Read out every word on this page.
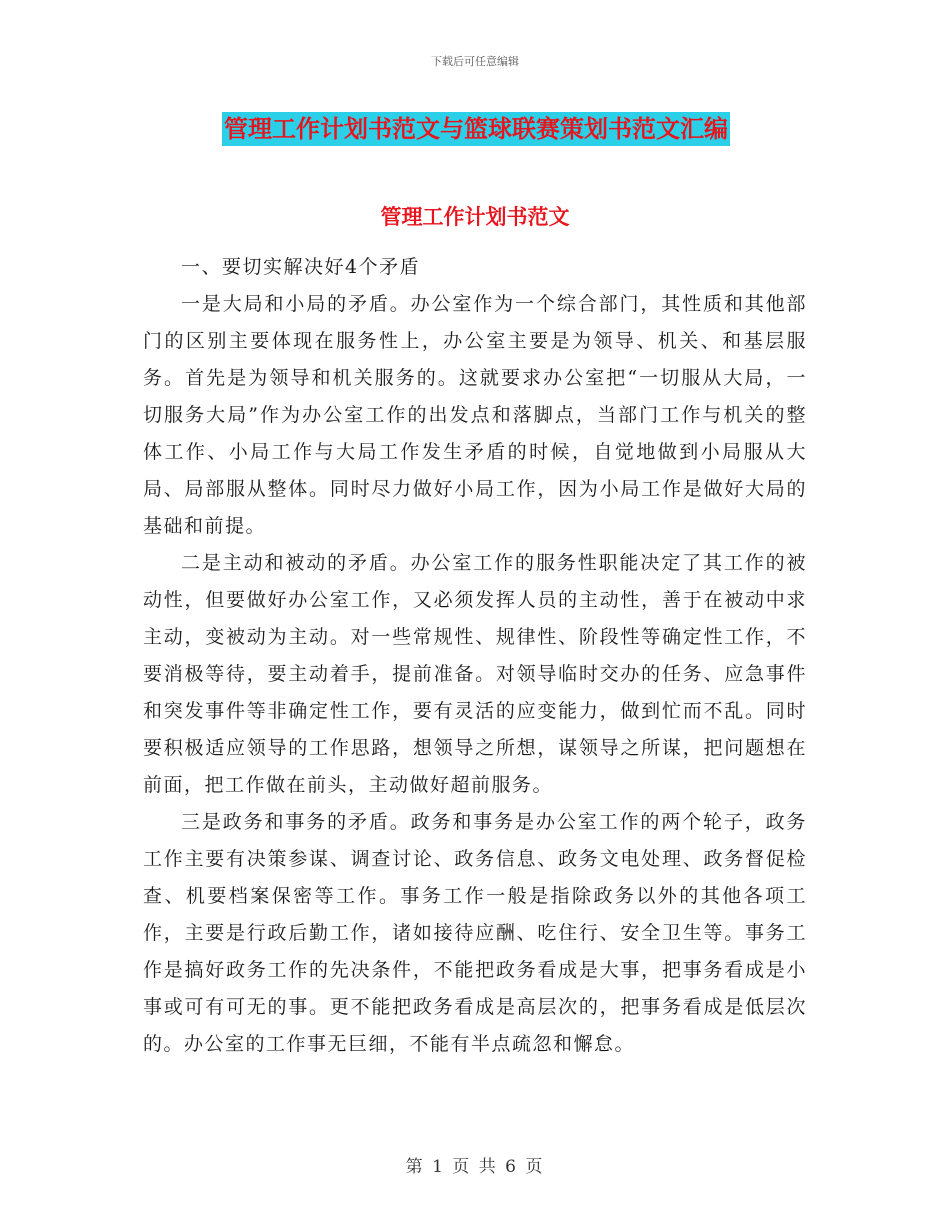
下载后可任意编辑
管理工作计划书范文与篮球联赛策划书范文汇编
管理工作计划书范文

一、要切实解决好4个矛盾

一是大局和小局的矛盾。办公室作为一个综合部门，其性质和其他部门的区别主要体现在服务性上，办公室主要是为领导、机关、和基层服务。首先是为领导和机关服务的。这就要求办公室把“一切服从大局，一切服务大局”作为办公室工作的出发点和落脚点，当部门工作与机关的整体工作、小局工作与大局工作发生矛盾的时候，自觉地做到小局服从大局、局部服从整体。同时尽力做好小局工作，因为小局工作是做好大局的基础和前提。

二是主动和被动的矛盾。办公室工作的服务性职能决定了其工作的被动性，但要做好办公室工作，又必须发挥人员的主动性，善于在被动中求主动，变被动为主动。对一些常规性、规律性、阶段性等确定性工作，不要消极等待，要主动着手，提前准备。对领导临时交办的任务、应急事件和突发事件等非确定性工作，要有灵活的应变能力，做到忙而不乱。同时要积极适应领导的工作思路，想领导之所想，谋领导之所谋，把问题想在前面，把工作做在前头，主动做好超前服务。

三是政务和事务的矛盾。政务和事务是办公室工作的两个轮子，政务工作主要有决策参谋、调查讨论、政务信息、政务文电处理、政务督促检查、机要档案保密等工作。事务工作一般是指除政务以外的其他各项工作，主要是行政后勤工作，诸如接待应酬、吃住行、安全卫生等。事务工作是搞好政务工作的先决条件，不能把政务看成是大事，把事务看成是小事或可有可无的事。更不能把政务看成是高层次的，把事务看成是低层次的。办公室的工作事无巨细，不能有半点疏忽和懈怠。

第 1 页 共 6 页
